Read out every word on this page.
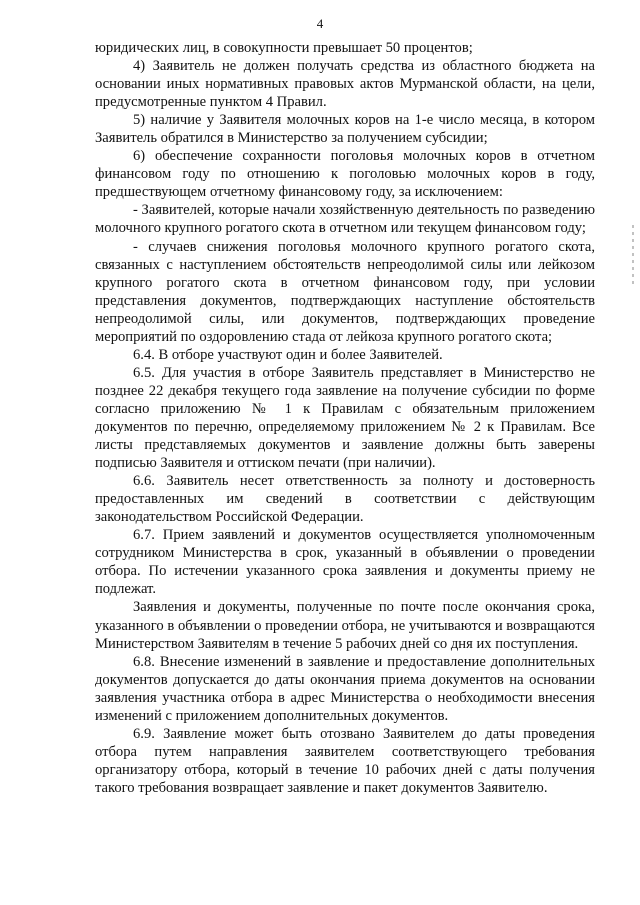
4

юридических лиц, в совокупности превышает 50 процентов;

4) Заявитель не должен получать средства из областного бюджета на основании иных нормативных правовых актов Мурманской области, на цели, предусмотренные пунктом 4 Правил.

5) наличие у Заявителя молочных коров на 1-е число месяца, в котором Заявитель обратился в Министерство за получением субсидии;

6) обеспечение сохранности поголовья молочных коров в отчетном финансовом году по отношению к поголовью молочных коров в году, предшествующем отчетному финансовому году, за исключением:

- Заявителей, которые начали хозяйственную деятельность по разведению молочного крупного рогатого скота в отчетном или текущем финансовом году;

- случаев снижения поголовья молочного крупного рогатого скота, связанных с наступлением обстоятельств непреодолимой силы или лейкозом крупного рогатого скота в отчетном финансовом году, при условии представления документов, подтверждающих наступление обстоятельств непреодолимой силы, или документов, подтверждающих проведение мероприятий по оздоровлению стада от лейкоза крупного рогатого скота;

6.4. В отборе участвуют один и более Заявителей.

6.5. Для участия в отборе Заявитель представляет в Министерство не позднее 22 декабря текущего года заявление на получение субсидии по форме согласно приложению № 1 к Правилам с обязательным приложением документов по перечню, определяемому приложением № 2 к Правилам. Все листы представляемых документов и заявление должны быть заверены подписью Заявителя и оттиском печати (при наличии).

6.6. Заявитель несет ответственность за полноту и достоверность предоставленных им сведений в соответствии с действующим законодательством Российской Федерации.

6.7. Прием заявлений и документов осуществляется уполномоченным сотрудником Министерства в срок, указанный в объявлении о проведении отбора. По истечении указанного срока заявления и документы приему не подлежат.

Заявления и документы, полученные по почте после окончания срока, указанного в объявлении о проведении отбора, не учитываются и возвращаются Министерством Заявителям в течение 5 рабочих дней со дня их поступления.

6.8. Внесение изменений в заявление и предоставление дополнительных документов допускается до даты окончания приема документов на основании заявления участника отбора в адрес Министерства о необходимости внесения изменений с приложением дополнительных документов.

6.9. Заявление может быть отозвано Заявителем до даты проведения отбора путем направления заявителем соответствующего требования организатору отбора, который в течение 10 рабочих дней с даты получения такого требования возвращает заявление и пакет документов Заявителю.
